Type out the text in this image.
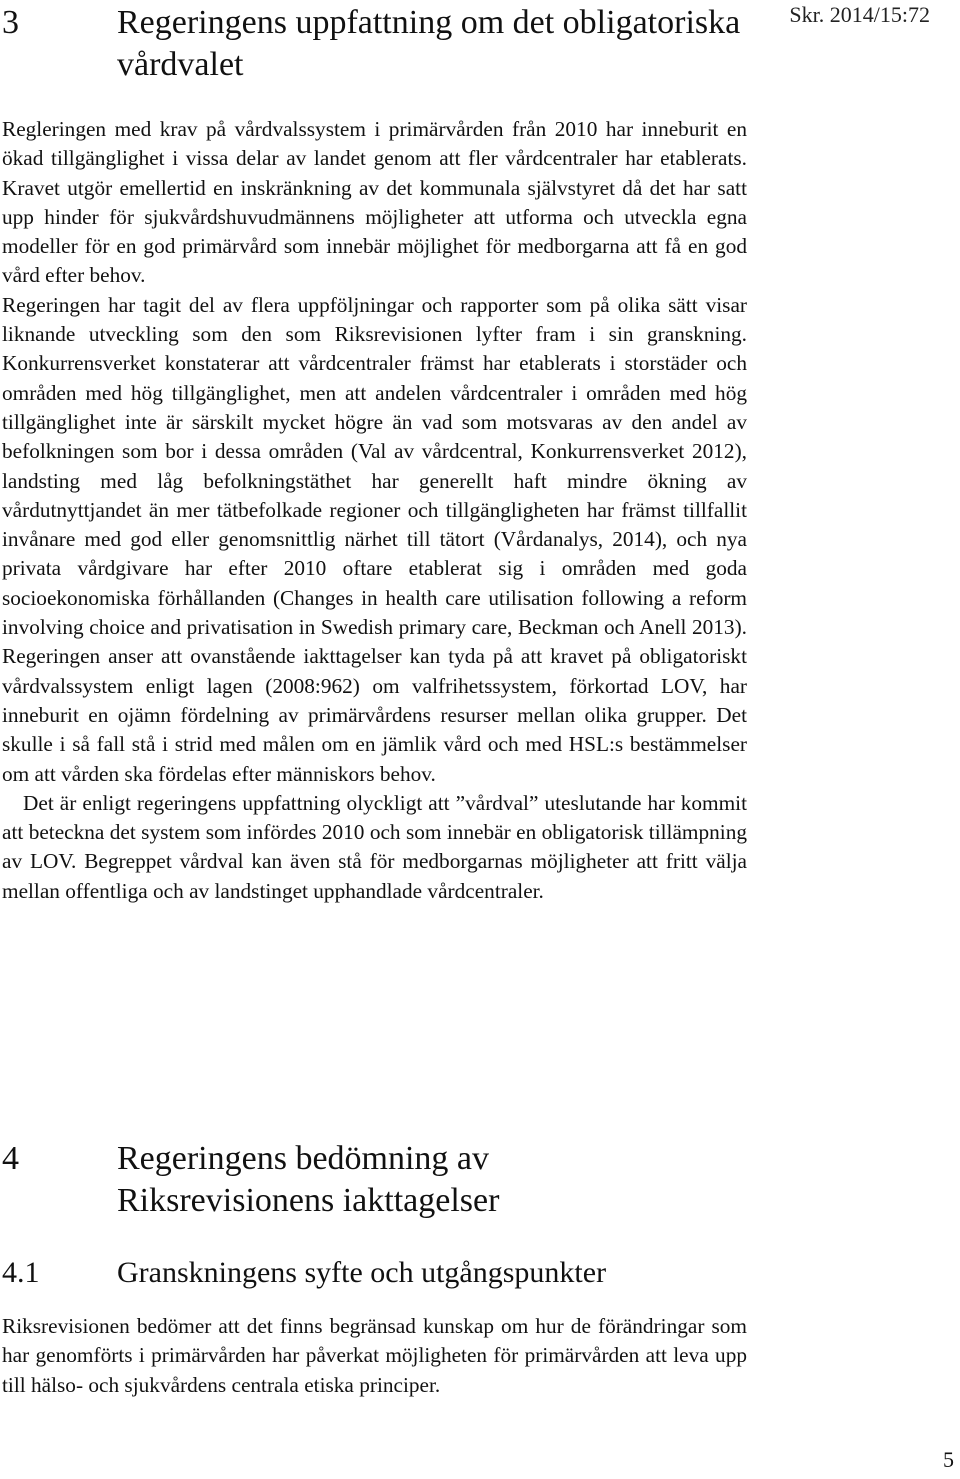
Skr. 2014/15:72
3	Regeringens uppfattning om det obligatoriska vårdvalet

Regleringen med krav på vårdvalssystem i primärvården från 2010 har inneburit en ökad tillgänglighet i vissa delar av landet genom att fler vårdcentraler har etablerats. Kravet utgör emellertid en inskränkning av det kommunala självstyret då det har satt upp hinder för sjukvårdshuvudmännens möjligheter att utforma och utveckla egna modeller för en god primärvård som innebär möjlighet för medborgarna att få en god vård efter behov.

Regeringen har tagit del av flera uppföljningar och rapporter som på olika sätt visar liknande utveckling som den som Riksrevisionen lyfter fram i sin granskning. Konkurrensverket konstaterar att vårdcentraler främst har etablerats i storstäder och områden med hög tillgänglighet, men att andelen vårdcentraler i områden med hög tillgänglighet inte är särskilt mycket högre än vad som motsvaras av den andel av befolkningen som bor i dessa områden (Val av vårdcentral, Konkurrensverket 2012), landsting med låg befolkningstäthet har generellt haft mindre ökning av vårdutnyttjandet än mer tätbefolkade regioner och tillgängligheten har främst tillfallit invånare med god eller genomsnittlig närhet till tätort (Vårdanalys, 2014), och nya privata vårdgivare har efter 2010 oftare etablerat sig i områden med goda socioekonomiska förhållanden (Changes in health care utilisation following a reform involving choice and privatisation in Swedish primary care, Beckman och Anell 2013). Regeringen anser att ovanstående iakttagelser kan tyda på att kravet på obligatoriskt vårdvalssystem enligt lagen (2008:962) om valfrihetssystem, förkortad LOV, har inneburit en ojämn fördelning av primärvårdens resurser mellan olika grupper. Det skulle i så fall stå i strid med målen om en jämlik vård och med HSL:s bestämmelser om att vården ska fördelas efter människors behov.

Det är enligt regeringens uppfattning olyckligt att ”vårdval” uteslutande har kommit att beteckna det system som infördes 2010 och som innebär en obligatorisk tillämpning av LOV. Begreppet vårdval kan även stå för medborgarnas möjligheter att fritt välja mellan offentliga och av landstinget upphandlade vårdcentraler.

4	Regeringens bedömning av Riksrevisionens iakttagelser
4.1	Granskningens syfte och utgångspunkter

Riksrevisionen bedömer att det finns begränsad kunskap om hur de förändringar som har genomförts i primärvården har påverkat möjligheten för primärvården att leva upp till hälso- och sjukvårdens centrala etiska principer.

5
